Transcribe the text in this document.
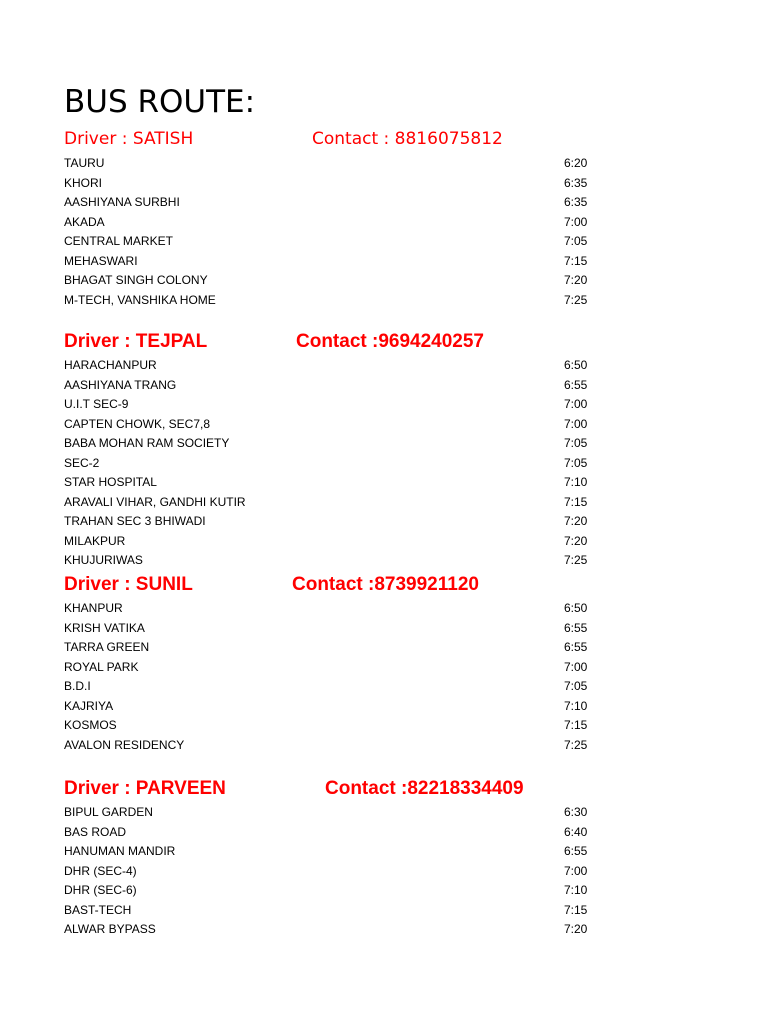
BUS ROUTE:
Driver : SATISH	Contact : 8816075812
TAURU	6:20
KHORI	6:35
AASHIYANA SURBHI	6:35
AKADA	7:00
CENTRAL MARKET	7:05
MEHASWARI	7:15
BHAGAT SINGH COLONY	7:20
M-TECH, VANSHIKA HOME	7:25
Driver : TEJPAL	Contact :9694240257
HARACHANPUR	6:50
AASHIYANA TRANG	6:55
U.I.T SEC-9	7:00
CAPTEN CHOWK, SEC7,8	7:00
BABA MOHAN RAM SOCIETY	7:05
SEC-2	7:05
STAR HOSPITAL	7:10
ARAVALI VIHAR, GANDHI KUTIR	7:15
TRAHAN SEC 3 BHIWADI	7:20
MILAKPUR	7:20
KHUJURIWAS	7:25
Driver : SUNIL	Contact :8739921120
KHANPUR	6:50
KRISH VATIKA	6:55
TARRA GREEN	6:55
ROYAL PARK	7:00
B.D.I	7:05
KAJRIYA	7:10
KOSMOS	7:15
AVALON RESIDENCY	7:25
Driver : PARVEEN	Contact :82218334409
BIPUL GARDEN	6:30
BAS ROAD	6:40
HANUMAN MANDIR	6:55
DHR (SEC-4)	7:00
DHR (SEC-6)	7:10
BAST-TECH	7:15
ALWAR BYPASS	7:20
